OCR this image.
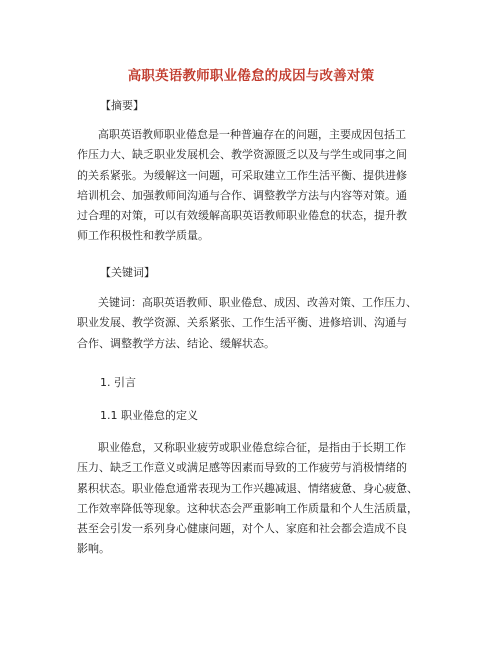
高职英语教师职业倦怠的成因与改善对策
【摘要】
高职英语教师职业倦怠是一种普遍存在的问题，主要成因包括工
作压力大、缺乏职业发展机会、教学资源匮乏以及与学生或同事之间
的关系紧张。为缓解这一问题，可采取建立工作生活平衡、提供进修
培训机会、加强教师间沟通与合作、调整教学方法与内容等对策。通
过合理的对策，可以有效缓解高职英语教师职业倦怠的状态，提升教
师工作积极性和教学质量。
【关键词】
关键词：高职英语教师、职业倦怠、成因、改善对策、工作压力、
职业发展、教学资源、关系紧张、工作生活平衡、进修培训、沟通与
合作、调整教学方法、结论、缓解状态。
1. 引言
1.1 职业倦怠的定义
职业倦怠，又称职业疲劳或职业倦怠综合征，是指由于长期工作
压力、缺乏工作意义或满足感等因素而导致的工作疲劳与消极情绪的
累积状态。职业倦怠通常表现为工作兴趣减退、情绪疲惫、身心疲惫、
工作效率降低等现象。这种状态会严重影响工作质量和个人生活质量，
甚至会引发一系列身心健康问题，对个人、家庭和社会都会造成不良
影响。
